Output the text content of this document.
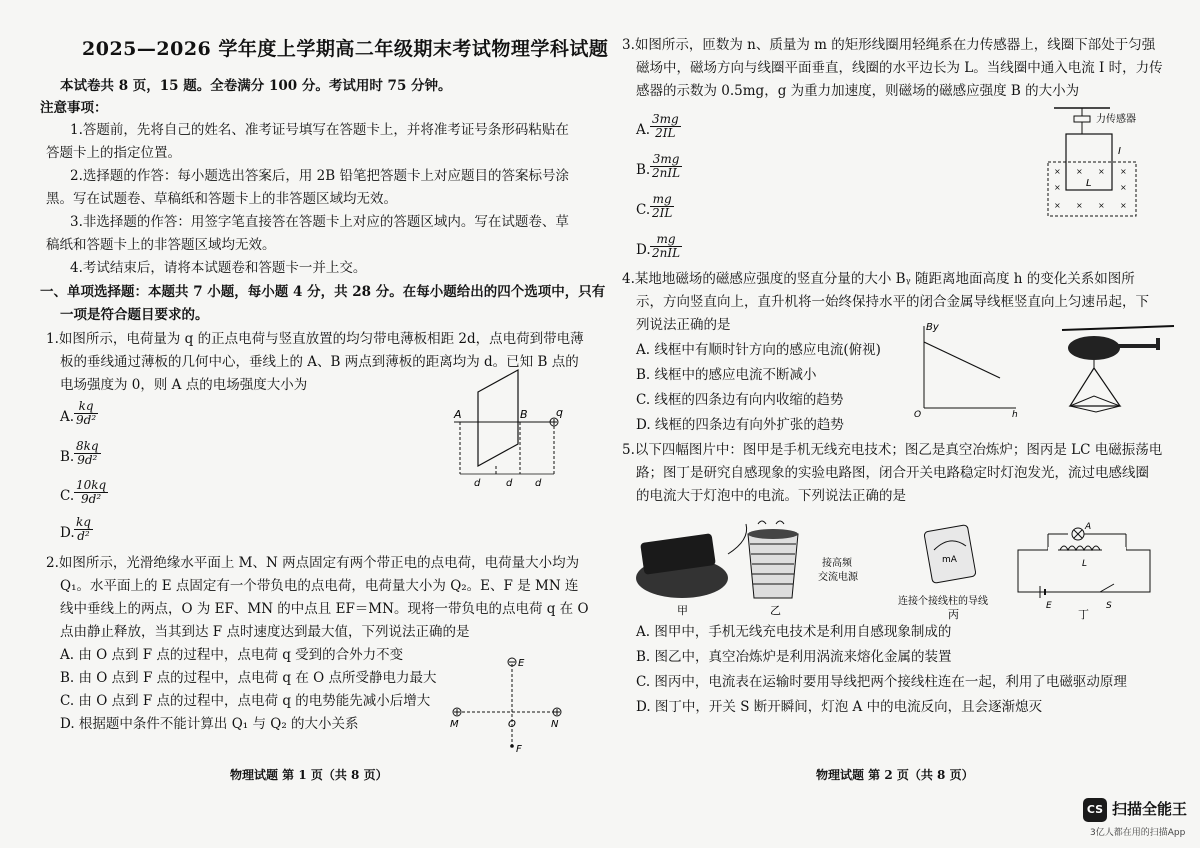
2025—2026 学年度上学期高二年级期末考试物理学科试题
本试卷共 8 页，15 题。全卷满分 100 分。考试用时 75 分钟。
注意事项：
1.答题前，先将自己的姓名、准考证号填写在答题卡上，并将准考证号条形码粘贴在
答题卡上的指定位置。
2.选择题的作答：每小题选出答案后，用 2B 铅笔把答题卡上对应题目的答案标号涂
黑。写在试题卷、草稿纸和答题卡上的非答题区域均无效。
3.非选择题的作答：用签字笔直接答在答题卡上对应的答题区域内。写在试题卷、草
稿纸和答题卡上的非答题区域均无效。
4.考试结束后，请将本试题卷和答题卡一并上交。
一、单项选择题：本题共 7 小题，每小题 4 分，共 28 分。在每小题给出的四个选项中，只有
一项是符合题目要求的。
1.如图所示，电荷量为 q 的正点电荷与竖直放置的均匀带电薄板相距 2d，点电荷到带电薄
板的垂线通过薄板的几何中心，垂线上的 A、B 两点到薄板的距离均为 d。已知 B 点的
电场强度为 0，则 A 点的电场强度大小为
A. $\frac{kq}{\text{9d²}}$
B. $\frac{8kq}{\text{9d²}}$
C. $\frac{10kq}{\text{9d²}}$
D. $\frac{kq}{\text{d²}}$
A	B	q
d	d d
2.如图所示，光滑绝缘水平面上 M、N 两点固定有两个带正电的点电荷，电荷量大小均为
Q₁。水平面上的 E 点固定有一个带负电的点电荷，电荷量大小为 Q₂。E、F 是 MN 连
线中垂线上的两点，O 为 EF、MN 的中点且 EF＝MN。现将一带负电的点电荷 q 在 O
点由静止释放，当其到达 F 点时速度达到最大值，下列说法正确的是
A. 由 O 点到 F 点的过程中，点电荷 q 受到的合外力不变
B. 由 O 点到 F 点的过程中，点电荷 q 在 O 点所受静电力最大
C. 由 O 点到 F 点的过程中，点电荷 q 的电势能先减小后增大
D. 根据题中条件不能计算出 Q₁ 与 Q₂ 的大小关系
E
M	O	N
F
物理试题 第 1 页（共 8 页）
3.如图所示，匝数为 n、质量为 m 的矩形线圈用轻绳系在力传感器上，线圈下部处于匀强
磁场中，磁场方向与线圈平面垂直，线圈的水平边长为 L。当线圈中通入电流 I 时，力传
感器的示数为 0.5mg，g 为重力加速度，则磁场的磁感应强度 B 的大小为
A. $\frac{3mg}{2IL}$
B.
3mg
2nIL
C. $\frac{mg}{2IL}$
D.
mg
2nIL
力传感器
I
L
× × × ×
×	×
× × × ×
4.某地地磁场的磁感应强度的竖直分量的大小 Bᵧ 随距离地面高度 h 的变化关系如图所
示，方向竖直向上，直升机将一始终保持水平的闭合金属导线框竖直向上匀速吊起，下
列说法正确的是
A. 线框中有顺时针方向的感应电流(俯视)
B. 线框中的感应电流不断减小
C. 线框的四条边有向内收缩的趋势
D. 线框的四条边有向外扩张的趋势
By
h
O
5.以下四幅图片中：图甲是手机无线充电技术；图乙是真空冶炼炉；图丙是 LC 电磁振荡电
路；图丁是研究自感现象的实验电路图，闭合开关电路稳定时灯泡发光，流过电感线圈
的电流大于灯泡中的电流。下列说法正确的是
甲
接高频
交流电源
乙
mA
连接个接线柱的导线
丙
A
L
E	S
丁
A. 图甲中，手机无线充电技术是利用自感现象制成的
B. 图乙中，真空冶炼炉是利用涡流来熔化金属的装置
C. 图丙中，电流表在运输时要用导线把两个接线柱连在一起，利用了电磁驱动原理
D. 图丁中，开关 S 断开瞬间，灯泡 A 中的电流反向，且会逐渐熄灭
物理试题 第 2 页（共 8 页）
CS 扫描全能王
3亿人都在用的扫描App
